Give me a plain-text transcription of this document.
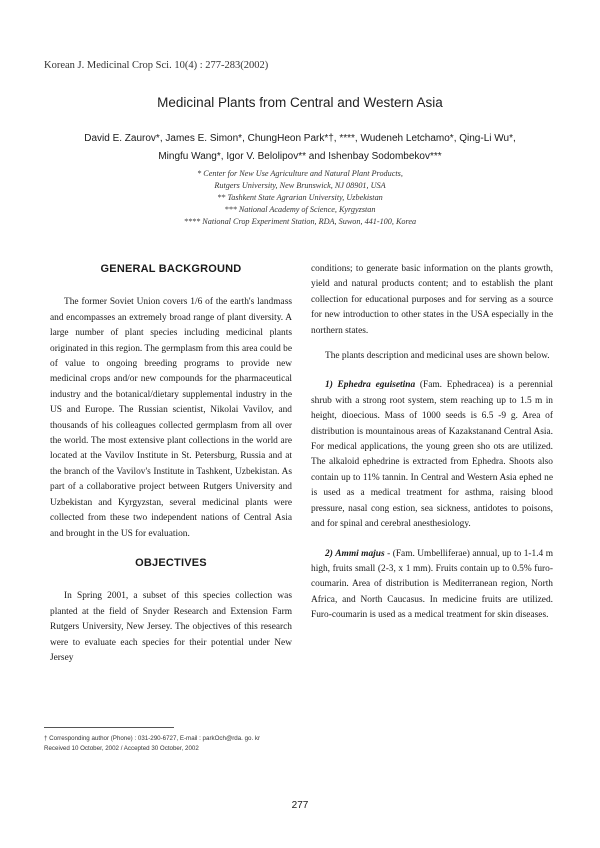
Korean J. Medicinal Crop Sci. 10(4) : 277-283(2002)
Medicinal Plants from Central and Western Asia
David E. Zaurov*, James E. Simon*, ChungHeon Park*†, ****, Wudeneh Letchamo*, Qing-Li Wu*,
Mingfu Wang*, Igor V. Belolipov** and Ishenbay Sodombekov***
* Center for New Use Agriculture and Natural Plant Products,
Rutgers University, New Brunswick, NJ 08901, USA
** Tashkent State Agrarian University, Uzbekistan
*** National Academy of Science, Kyrgyzstan
**** National Crop Experiment Station, RDA, Suwon, 441-100, Korea
GENERAL BACKGROUND

The former Soviet Union covers 1/6 of the earth's landmass and encompasses an extremely broad range of plant diversity. A large number of plant species including medicinal plants originated in this region. The germplasm from this area could be of value to ongoing breeding programs to provide new medicinal crops and/or new compounds for the pharmaceutical industry and the botanical/dietary supplemental industry in the US and Europe. The Russian scientist, Nikolai Vavilov, and thousands of his colleagues collected germplasm from all over the world. The most extensive plant collections in the world are located at the Vavilov Institute in St. Petersburg, Russia and at the branch of the Vavilov's Institute in Tashkent, Uzbekistan. As part of a collaborative project between Rutgers University and Uzbekistan and Kyrgyzstan, several medicinal plants were collected from these two independent nations of Central Asia and brought in the US for evaluation.

OBJECTIVES

In Spring 2001, a subset of this species collection was planted at the field of Snyder Research and Extension Farm Rutgers University, New Jersey. The objectives of this research were to evaluate each species for their potential under New Jersey

conditions; to generate basic information on the plants growth, yield and natural products content; and to establish the plant collection for educational purposes and for serving as a source for new introduction to other states in the USA especially in the northern states.

The plants description and medicinal uses are shown below.

1) Ephedra eguisetina (Fam. Ephedracea) is a perennial shrub with a strong root system, stem reaching up to 1.5 m in height, dioecious. Mass of 1000 seeds is 6.5 -9 g. Area of distribution is mountainous areas of Kazakstanand Central Asia. For medical applications, the young green sho ots are utilized. The alkaloid ephedrine is extracted from Ephedra. Shoots also contain up to 11% tannin. In Central and Western Asia ephed ne is used as a medical treatment for asthma, raising blood pressure, nasal cong estion, sea sickness, antidotes to poisons, and for spinal and cerebral anesthesiology.

2) Ammi majus - (Fam. Umbelliferae) annual, up to 1-1.4 m high, fruits small (2-3, x 1 mm). Fruits contain up to 0.5% furo-coumarin. Area of distribution is Mediterranean region, North Africa, and North Caucasus. In medicine fruits are utilized. Furo-coumarin is used as a medical treatment for skin diseases.

† Corresponding author (Phone) : 031-290-6727, E-mail : parkOch@rda. go. kr
Received 10 October, 2002 / Accepted 30 October, 2002
277
